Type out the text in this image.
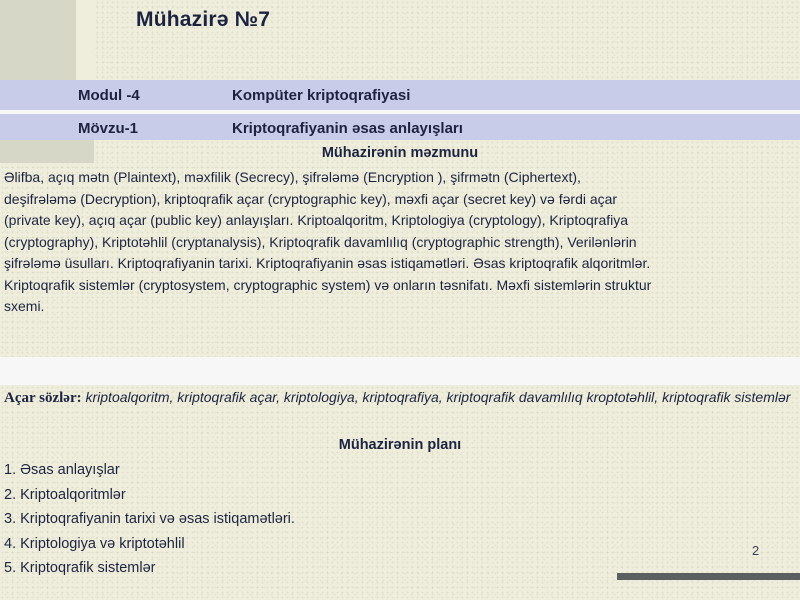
Mühazirə №7
Modul -4	Kompüter kriptoqrafiyasi
Mövzu-1	Kriptoqrafiyanin əsas anlayışları
Mühazirənin məzmunu
Əlifba, açıq mətn (Plaintext), məxfilik (Secrecy), şifrələmə (Encryption ), şifrmətn (Ciphertext),
deşifrələmə (Decryption), kriptoqrafik açar (cryptographic key), məxfi açar (secret key) və fərdi açar
(private key), açıq açar (public key) anlayışları. Kriptoalqoritm, Kriptologiya (cryptology), Kriptoqrafiya
(cryptography), Kriptotəhlil (cryptanalysis), Kriptoqrafik davamlılıq (cryptographic strength), Verilənlərin
şifrələmə üsulları. Kriptoqrafiyanin tarixi. Kriptoqrafiyanin əsas istiqamətləri. Əsas kriptoqrafik alqoritmlər.
Kriptoqrafik sistemlər (cryptosystem, cryptographic system) və onların təsnifatı. Məxfi sistemlərin struktur
sxemi.

Açar sözlər: kriptoalqoritm, kriptoqrafik açar, kriptologiya, kriptoqrafiya, kriptoqrafik davamlılıq kroptotəhlil, kriptoqrafik sistemlər

Mühazirənin planı
1. Əsas anlayışlar
2. Kriptoalqoritmlər
3. Kriptoqrafiyanin tarixi və əsas istiqamətləri.
4. Kriptologiya və kriptotəhlil
5. Kriptoqrafik sistemlər
2
